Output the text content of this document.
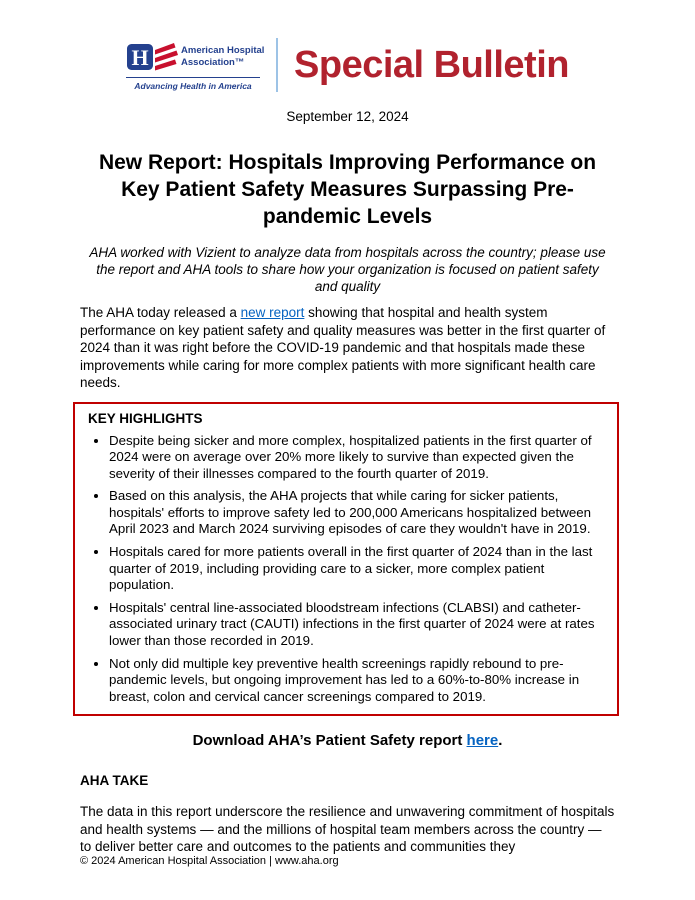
H	American Hospital
Association™
Advancing Health in America Special Bulletin
September 12, 2024
New Report: Hospitals Improving Performance on Key Patient Safety Measures Surpassing Pre-pandemic Levels

AHA worked with Vizient to analyze data from hospitals across the country; please use the report and AHA tools to share how your organization is focused on patient safety and quality

The AHA today released a new report showing that hospital and health system performance on key patient safety and quality measures was better in the first quarter of 2024 than it was right before the COVID-19 pandemic and that hospitals made these improvements while caring for more complex patients with more significant health care needs.

KEY HIGHLIGHTS
• Despite being sicker and more complex, hospitalized patients in the first quarter of 2024 were on average over 20% more likely to survive than expected given the severity of their illnesses compared to the fourth quarter of 2019.
• Based on this analysis, the AHA projects that while caring for sicker patients, hospitals' efforts to improve safety led to 200,000 Americans hospitalized between April 2023 and March 2024 surviving episodes of care they wouldn't have in 2019.
• Hospitals cared for more patients overall in the first quarter of 2024 than in the last quarter of 2019, including providing care to a sicker, more complex patient population.
• Hospitals' central line-associated bloodstream infections (CLABSI) and catheter-associated urinary tract (CAUTI) infections in the first quarter of 2024 were at rates lower than those recorded in 2019.
• Not only did multiple key preventive health screenings rapidly rebound to pre-pandemic levels, but ongoing improvement has led to a 60%-to-80% increase in breast, colon and cervical cancer screenings compared to 2019.

Download AHA’s Patient Safety report here.

AHA TAKE

The data in this report underscore the resilience and unwavering commitment of hospitals and health systems — and the millions of hospital team members across the country — to deliver better care and outcomes to the patients and communities they

© 2024 American Hospital Association | www.aha.org
